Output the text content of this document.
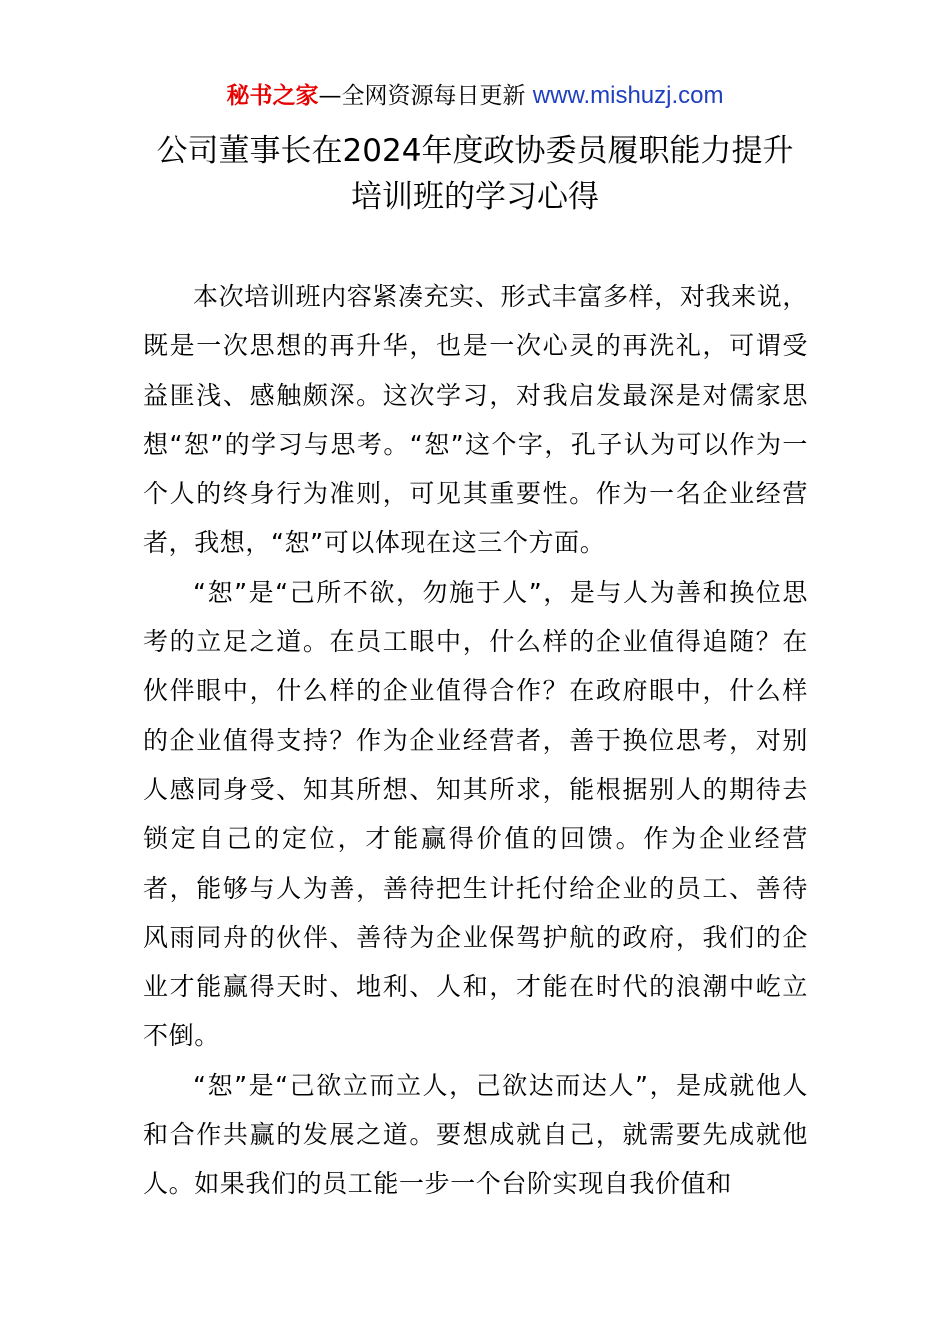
秘书之家—全网资源每日更新 www.mishuzj.com
公司董事长在2024年度政协委员履职能力提升
培训班的学习心得

本次培训班内容紧凑充实、形式丰富多样，对我来说，既是一次思想的再升华，也是一次心灵的再洗礼，可谓受益匪浅、感触颇深。这次学习，对我启发最深是对儒家思想“恕”的学习与思考。“恕”这个字，孔子认为可以作为一个人的终身行为准则，可见其重要性。作为一名企业经营者，我想，“恕”可以体现在这三个方面。

“恕”是“己所不欲，勿施于人”，是与人为善和换位思考的立足之道。在员工眼中，什么样的企业值得追随？在伙伴眼中，什么样的企业值得合作？在政府眼中，什么样的企业值得支持？作为企业经营者，善于换位思考，对别人感同身受、知其所想、知其所求，能根据别人的期待去锁定自己的定位，才能赢得价值的回馈。作为企业经营者，能够与人为善，善待把生计托付给企业的员工、善待风雨同舟的伙伴、善待为企业保驾护航的政府，我们的企业才能赢得天时、地利、人和，才能在时代的浪潮中屹立不倒。

“恕”是“己欲立而立人，己欲达而达人”，是成就他人和合作共赢的发展之道。要想成就自己，就需要先成就他人。如果我们的员工能一步一个台阶实现自我价值和
